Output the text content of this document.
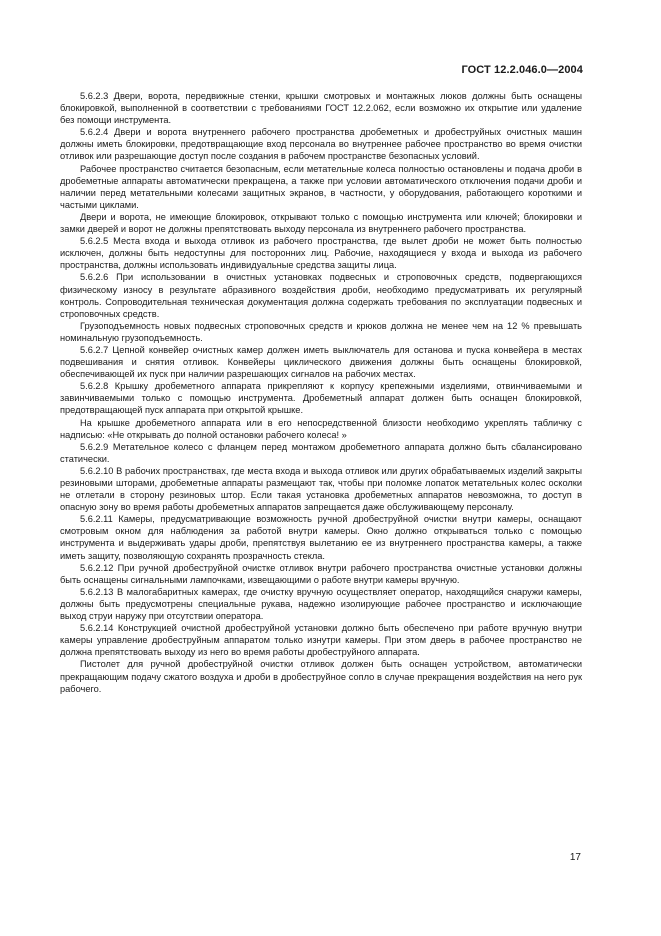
ГОСТ 12.2.046.0—2004

5.6.2.3 Двери, ворота, передвижные стенки, крышки смотровых и монтажных люков должны быть оснащены блокировкой, выполненной в соответствии с требованиями ГОСТ 12.2.062, если возможно их открытие или удаление без помощи инструмента.

5.6.2.4 Двери и ворота внутреннего рабочего пространства дробеметных и дробеструйных очистных машин должны иметь блокировки, предотвращающие вход персонала во внутреннее рабочее пространство во время очистки отливок или разрешающие доступ после создания в рабочем пространстве безопасных условий.

Рабочее пространство считается безопасным, если метательные колеса полностью остановлены и подача дроби в дробеметные аппараты автоматически прекращена, а также при условии автоматического отключения подачи дроби и наличии перед метательными колесами защитных экранов, в частности, у оборудования, работающего короткими и частыми циклами.

Двери и ворота, не имеющие блокировок, открывают только с помощью инструмента или ключей; блокировки и замки дверей и ворот не должны препятствовать выходу персонала из внутреннего рабочего пространства.

5.6.2.5 Места входа и выхода отливок из рабочего пространства, где вылет дроби не может быть полностью исключен, должны быть недоступны для посторонних лиц. Рабочие, находящиеся у входа и выхода из рабочего пространства, должны использовать индивидуальные средства защиты лица.

5.6.2.6 При использовании в очистных установках подвесных и строповочных средств, подвергающихся физическому износу в результате абразивного воздействия дроби, необходимо предусматривать их регулярный контроль. Сопроводительная техническая документация должна содержать требования по эксплуатации подвесных и строповочных средств.

Грузоподъемность новых подвесных строповочных средств и крюков должна не менее чем на 12 % превышать номинальную грузоподъемность.

5.6.2.7 Цепной конвейер очистных камер должен иметь выключатель для останова и пуска конвейера в местах подвешивания и снятия отливок. Конвейеры циклического движения должны быть оснащены блокировкой, обеспечивающей их пуск при наличии разрешающих сигналов на рабочих местах.

5.6.2.8 Крышку дробеметного аппарата прикрепляют к корпусу крепежными изделиями, отвинчиваемыми и завинчиваемыми только с помощью инструмента. Дробеметный аппарат должен быть оснащен блокировкой, предотвращающей пуск аппарата при открытой крышке.

На крышке дробеметного аппарата или в его непосредственной близости необходимо укреплять табличку с надписью: «Не открывать до полной остановки рабочего колеса! »

5.6.2.9 Метательное колесо с фланцем перед монтажом дробеметного аппарата должно быть сбалансировано статически.

5.6.2.10 В рабочих пространствах, где места входа и выхода отливок или других обрабатываемых изделий закрыты резиновыми шторами, дробеметные аппараты размещают так, чтобы при поломке лопаток метательных колес осколки не отлетали в сторону резиновых штор. Если такая установка дробеметных аппаратов невозможна, то доступ в опасную зону во время работы дробеметных аппаратов запрещается даже обслуживающему персоналу.

5.6.2.11 Камеры, предусматривающие возможность ручной дробеструйной очистки внутри камеры, оснащают смотровым окном для наблюдения за работой внутри камеры. Окно должно открываться только с помощью инструмента и выдерживать удары дроби, препятствуя вылетанию ее из внутреннего пространства камеры, а также иметь защиту, позволяющую сохранять прозрачность стекла.

5.6.2.12 При ручной дробеструйной очистке отливок внутри рабочего пространства очистные установки должны быть оснащены сигнальными лампочками, извещающими о работе внутри камеры вручную.

5.6.2.13 В малогабаритных камерах, где очистку вручную осуществляет оператор, находящийся снаружи камеры, должны быть предусмотрены специальные рукава, надежно изолирующие рабочее пространство и исключающие выход струи наружу при отсутствии оператора.

5.6.2.14 Конструкцией очистной дробеструйной установки должно быть обеспечено при работе вручную внутри камеры управление дробеструйным аппаратом только изнутри камеры. При этом дверь в рабочее пространство не должна препятствовать выходу из него во время работы дробеструйного аппарата.

Пистолет для ручной дробеструйной очистки отливок должен быть оснащен устройством, автоматически прекращающим подачу сжатого воздуха и дроби в дробеструйное сопло в случае прекращения воздействия на него рук рабочего.

17
